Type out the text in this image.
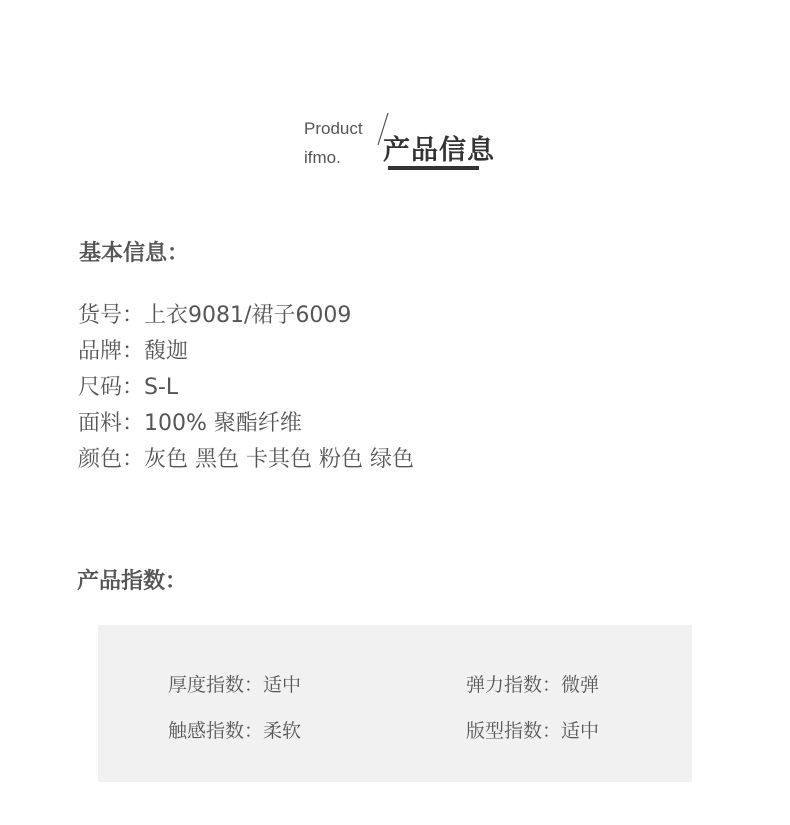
Product
ifmo. 产品信息
基本信息：
货号：上衣9081/裙子6009
品牌：馥迦
尺码：S-L
面料：100% 聚酯纤维
颜色：灰色 黑色 卡其色 粉色 绿色
产品指数：
厚度指数：适中	弹力指数：微弹
触感指数：柔软	版型指数：适中
